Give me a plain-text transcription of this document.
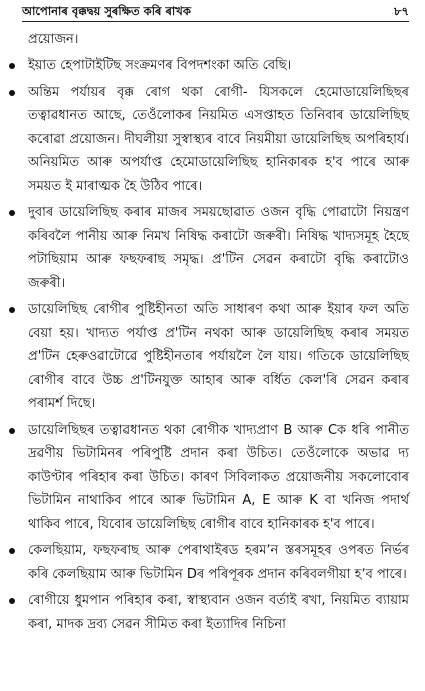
আপোনাৰ বৃক্কদ্বয় সুৰক্ষিত কৰি ৰাখক	৮৭

প্ৰয়োজন।

ইয়াত হেপাটাইটিছ সংক্ৰমণৰ বিপদশংকা অতি বেছি।
অন্তিম পৰ্যায়ৰ বৃক্ক ৰোগ থকা ৰোগী- যিসকলে হেমোডায়েলিছিছৰ তত্বাৱধানত আছে, তেওঁলোকৰ নিয়মিত এসপ্তাহত তিনিবাৰ ডায়েলিছিছ কৰোৱা প্ৰয়োজন। দীঘলীয়া সুস্বাস্থ্যৰ বাবে নিয়মীয়া ডায়েলিছিছ অপৰিহাৰ্য। অনিয়মিত আৰু অপৰ্যাপ্ত হেমোডায়েলিছিছ হানিকাৰক হ'ব পাৰে আৰু সময়ত ই মাৰাত্মক হৈ উঠিব পাৰে।
দুবাৰ ডায়েলিছিছ কৰাৰ মাজৰ সময়ছোৱাত ওজন বৃদ্ধি পোৱাটো নিয়ন্ত্ৰণ কৰিবলৈ পানীয় আৰু নিমখ নিষিদ্ধ কৰাটো জৰুৰী। নিষিদ্ধ খাদ্যসমূহ হৈছে পটাছিয়াম আৰু ফছফৰাছ সমৃদ্ধ। প্ৰ'টিন সেৱন কৰাটো বৃদ্ধি কৰাটোও জৰুৰী।
ডায়েলিছিছ ৰোগীৰ পুষ্টিহীনতা অতি সাধাৰণ কথা আৰু ইয়াৰ ফল অতি বেয়া হয়। খাদ্যত পৰ্যাপ্ত প্ৰ'টিন নথকা আৰু ডায়েলিছিছ কৰাৰ সময়ত প্ৰ'টিন হেৰুওৱাটোৱে পুষ্টিহীনতাৰ পৰ্যায়লৈ লৈ যায়। গতিকে ডায়েলিছিছ ৰোগীৰ বাবে উচ্চ প্ৰ'টিনযুক্ত আহাৰ আৰু বৰ্ধিত কেল'ৰি সেৱন কৰাৰ পৰামৰ্শ দিছে।
ডায়েলিছিছৰ তত্বাৱধানত থকা ৰোগীক খাদ্যপ্ৰাণ B আৰু Cক ধৰি পানীত দ্ৰৱণীয় ভিটামিনৰ পৰিপুষ্টি প্ৰদান কৰা উচিত। তেওঁলোকে অভাৱ দ্য কাউণ্টাৰ পৰিহাৰ কৰা উচিত। কাৰণ সিবিলাকত প্ৰয়োজনীয় সকলোবোৰ ভিটামিন নাথাকিব পাৰে আৰু ভিটামিন A, E আৰু K বা খনিজ পদাৰ্থ থাকিব পাৰে, যিবোৰ ডায়েলিছিছ ৰোগীৰ বাবে হানিকাৰক হ'ব পাৰে।
কেলছিয়াম, ফছফৰাছ আৰু পেৰাথাইৰড হৰমʼন স্তৰসমূহৰ ওপৰত নিৰ্ভৰ কৰি কেলছিয়াম আৰু ভিটামিন Dৰ পৰিপূৰক প্ৰদান কৰিবলগীয়া হʼব পাৰে।
ৰোগীয়ে ধুমপান পৰিহাৰ কৰা, স্বাস্থ্যবান ওজন বৰ্তাই ৰখা, নিয়মিত ব্যায়াম কৰা, মাদক দ্ৰব্য সেৱন সীমিত কৰা ইত্যাদিৰ নিচিনা
